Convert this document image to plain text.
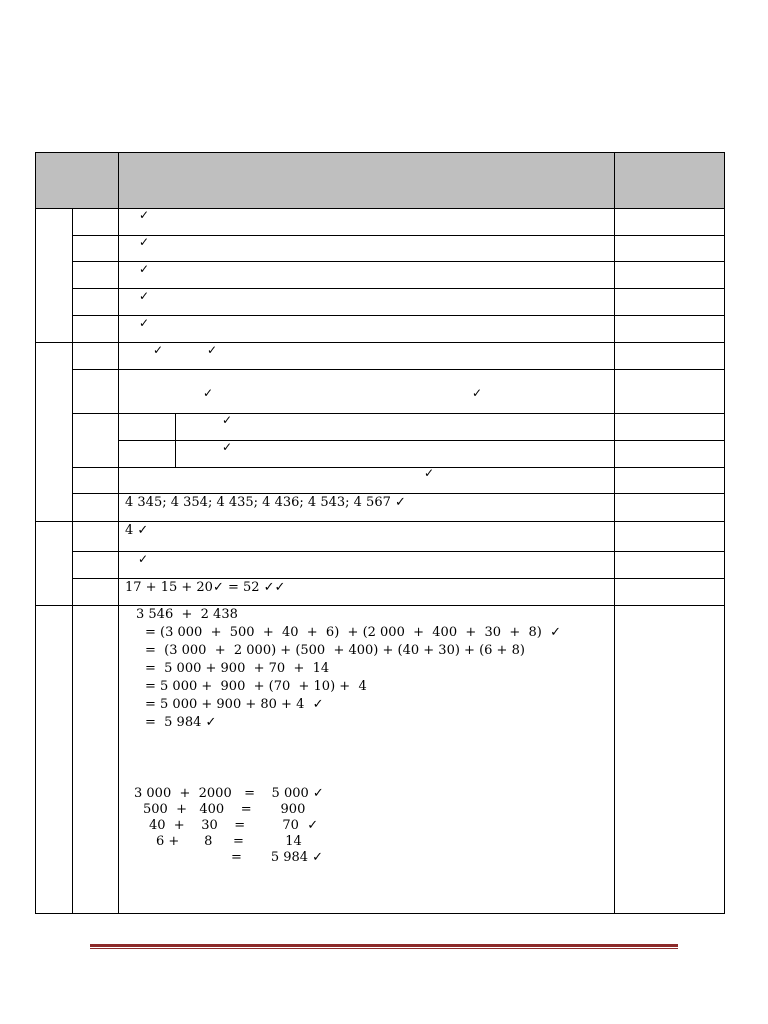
✓
✓
✓
✓
✓
✓	✓
✓	✓
✓
✓
✓
4 345; 4 354; 4 435; 4 436; 4 543; 4 567 ✓
4 ✓
✓
17 + 15 + 20✓ = 52 ✓✓
3 546  +  2 438
= (3 000  +  500  +  40  +  6)  + (2 000  +  400  +  30  +  8)  ✓
=  (3 000  +  2 000) + (500  + 400) + (40 + 30) + (6 + 8)
=  5 000 + 900  + 70  +  14
= 5 000 +  900  + (70  + 10) +  4
= 5 000 + 900 + 80 + 4  ✓
=  5 984 ✓
3 000  +  2000   =    5 000 ✓
500  +   400    =       900
40  +    30    =         70  ✓
6 +      8     =          14
=       5 984 ✓
